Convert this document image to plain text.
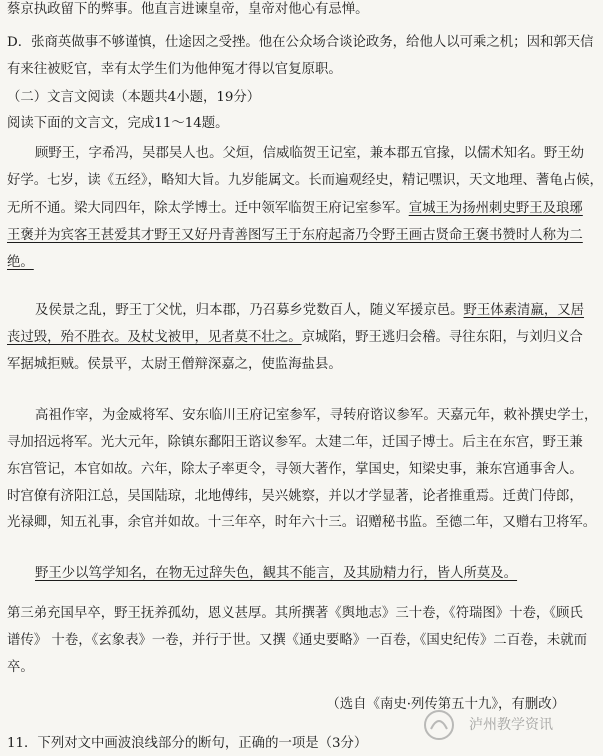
蔡京执政留下的弊事。他直言进谏皇帝，皇帝对他心有忌惮。
D．张商英做事不够谨慎，仕途因之受挫。他在公众场合谈论政务，给他人以可乘之机；因和郭天信
有来往被贬官，幸有太学生们为他伸冤才得以官复原职。
（二）文言文阅读（本题共4小题，19分）
阅读下面的文言文，完成11～14题。
顾野王，字希冯，吴郡吴人也。父烜，信威临贺王记室，兼本郡五官掾，以儒术知名。野王幼
好学。七岁，读《五经》，略知大旨。九岁能属文。长而遍观经史，精记嘿识，天文地理、蓍龟占候，
无所不通。梁大同四年，除太学博士。迁中领军临贺王府记室参军。宣城王为扬州刺史野王及琅琊
王褒并为宾客王甚爱其才野王又好丹青善图写王于东府起斋乃令野王画古贤命王褒书赞时人称为二
绝。
及侯景之乱，野王丁父忧，归本郡，乃召募乡党数百人，随义军援京邑。野王体素清羸，又居
丧过毁，殆不胜衣。及杖戈被甲，见者莫不壮之。京城陷，野王逃归会稽。寻往东阳，与刘归义合
军据城拒贼。侯景平，太尉王僧辩深嘉之，使监海盐县。
高祖作宰，为金威将军、安东临川王府记室参军，寻转府谘议参军。天嘉元年，敕补撰史学士，
寻加招远将军。光大元年，除镇东鄱阳王谘议参军。太建二年，迁国子博士。后主在东宫，野王兼
东宫管记，本官如故。六年，除太子率更令，寻领大著作，掌国史，知梁史事，兼东宫通事舍人。
时宫僚有济阳江总，吴国陆琼，北地傅纬，吴兴姚察，并以才学显著，论者推重焉。迁黄门侍郎，
光禄卿，知五礼事，余官并如故。十三年卒，时年六十三。诏赠秘书监。至德二年，又赠右卫将军。
野王少以笃学知名，在物无过辞失色，観其不能言，及其励精力行，皆人所莫及。
第三弟充国早卒，野王抚养孤幼，恩义甚厚。其所撰著《舆地志》三十卷，《符瑞图》十卷，《顾氏
谱传》 十卷，《玄象表》一卷，并行于世。又撰《通史要略》一百卷，《国史纪传》二百卷，未就而
卒。
（选自《南史·列传第五十九》，有删改）
11．下列对文中画波浪线部分的断句，正确的一项是（3分）
泸州教学资讯
